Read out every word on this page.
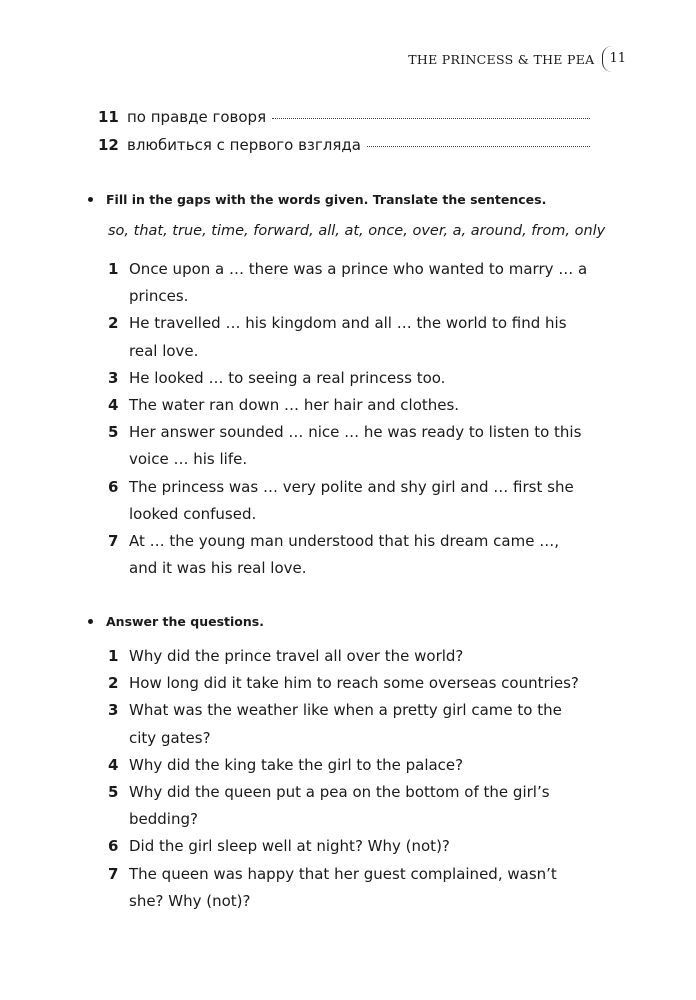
THE PRINCESS & THE PEA	11
11 по правде говоря
12 влюбиться с первого взгляда
Fill in the gaps with the words given. Translate the sentences.
so, that, true, time, forward, all, at, once, over, a, around, from, only
1 Once upon a … there was a prince who wanted to marry … a princes.
2 He travelled … his kingdom and all … the world to find his real love.
3 He looked … to seeing a real princess too.
4 The water ran down … her hair and clothes.
5 Her answer sounded … nice … he was ready to listen to this voice … his life.
6 The princess was … very polite and shy girl and … first she looked confused.
7 At … the young man understood that his dream came …, and it was his real love.
Answer the questions.
1 Why did the prince travel all over the world?
2 How long did it take him to reach some overseas countries?
3 What was the weather like when a pretty girl came to the city gates?
4 Why did the king take the girl to the palace?
5 Why did the queen put a pea on the bottom of the girl’s bedding?
6 Did the girl sleep well at night? Why (not)?
7 The queen was happy that her guest complained, wasn’t she? Why (not)?
